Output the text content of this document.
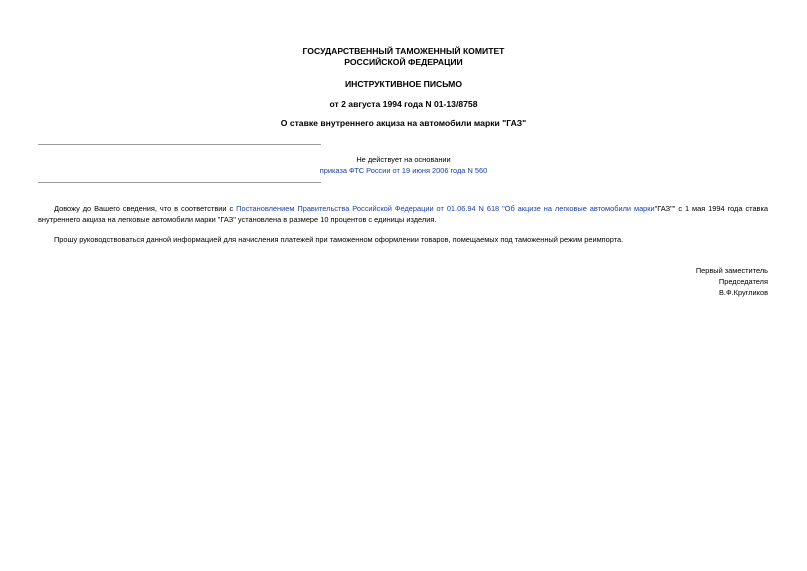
ГОСУДАРСТВЕННЫЙ ТАМОЖЕННЫЙ КОМИТЕТ
РОССИЙСКОЙ ФЕДЕРАЦИИ
ИНСТРУКТИВНОЕ ПИСЬМО
от 2 августа 1994 года N 01-13/8758
О ставке внутреннего акциза на автомобили марки "ГАЗ"
Не действует на основании
приказа ФТС России от 19 июня 2006 года N 560
Довожу до Вашего сведения, что в соответствии с Постановлением Правительства Российской Федерации от 01.06.94 N 618 "Об акцизе на легковые автомобили марки"ГАЗ"" с 1 мая 1994 года ставка внутреннего акциза на легковые автомобили марки "ГАЗ" установлена в размере 10 процентов с единицы изделия.
Прошу руководствоваться данной информацией для начисления платежей при таможенном оформлении товаров, помещаемых под таможенный режим реимпорта.
Первый заместитель
Председателя
В.Ф.Кругликов
